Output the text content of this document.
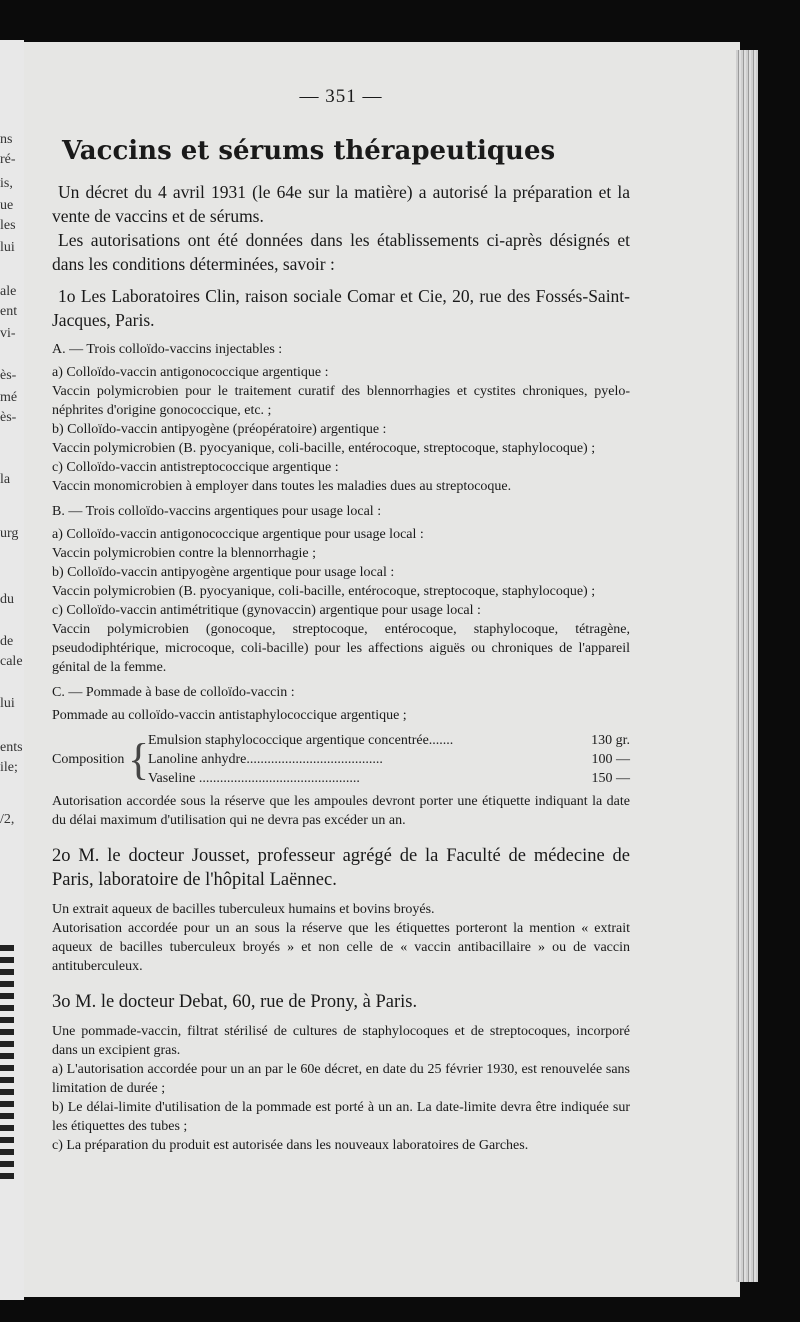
ns
ré-
is,
ue
les
lui
ale
ent
vi-
ès-
mé
ès-
la
urg
du
de
cale
lui
ents
ile;
/2,
— 351 —
Vaccins et sérums thérapeutiques

Un décret du 4 avril 1931 (le 64e sur la matière) a autorisé la préparation et la vente de vaccins et de sérums.

Les autorisations ont été données dans les établissements ci-après désignés et dans les conditions déterminées, savoir :

1o Les Laboratoires Clin, raison sociale Comar et Cie, 20, rue des Fossés-Saint-Jacques, Paris.

A. — Trois colloïdo-vaccins injectables :

a) Colloïdo-vaccin antigonococcique argentique :

Vaccin polymicrobien pour le traitement curatif des blennorrhagies et cystites chroniques, pyelo-néphrites d'origine gonococcique, etc. ;

b) Colloïdo-vaccin antipyogène (préopératoire) argentique :

Vaccin polymicrobien (B. pyocyanique, coli-bacille, entérocoque, streptocoque, staphylocoque) ;

c) Colloïdo-vaccin antistreptococcique argentique :

Vaccin monomicrobien à employer dans toutes les maladies dues au streptocoque.

B. — Trois colloïdo-vaccins argentiques pour usage local :

a) Colloïdo-vaccin antigonococcique argentique pour usage local :

Vaccin polymicrobien contre la blennorrhagie ;

b) Colloïdo-vaccin antipyogène argentique pour usage local :

Vaccin polymicrobien (B. pyocyanique, coli-bacille, entérocoque, streptocoque, staphylocoque) ;

c) Colloïdo-vaccin antimétritique (gynovaccin) argentique pour usage local :

Vaccin polymicrobien (gonocoque, streptocoque, entérocoque, staphylocoque, tétragène, pseudodiphtérique, microcoque, coli-bacille) pour les affections aiguës ou chroniques de l'appareil génital de la femme.

C. — Pommade à base de colloïdo-vaccin :

Pommade au colloïdo-vaccin antistaphylococcique argentique ;

Composition {
Emulsion staphylococcique argentique concentrée.......	130 gr.
Lanoline anhydre.......................................	100 —
Vaseline ..............................................	150 —

Autorisation accordée sous la réserve que les ampoules devront porter une étiquette indiquant la date du délai maximum d'utilisation qui ne devra pas excéder un an.

2o M. le docteur Jousset, professeur agrégé de la Faculté de médecine de Paris, laboratoire de l'hôpital Laënnec.

Un extrait aqueux de bacilles tuberculeux humains et bovins broyés.

Autorisation accordée pour un an sous la réserve que les étiquettes porteront la mention « extrait aqueux de bacilles tuberculeux broyés » et non celle de « vaccin antibacillaire » ou de vaccin antituberculeux.

3o M. le docteur Debat, 60, rue de Prony, à Paris.

Une pommade-vaccin, filtrat stérilisé de cultures de staphylocoques et de streptocoques, incorporé dans un excipient gras.

a) L'autorisation accordée pour un an par le 60e décret, en date du 25 février 1930, est renouvelée sans limitation de durée ;

b) Le délai-limite d'utilisation de la pommade est porté à un an. La date-limite devra être indiquée sur les étiquettes des tubes ;

c) La préparation du produit est autorisée dans les nouveaux laboratoires de Garches.
